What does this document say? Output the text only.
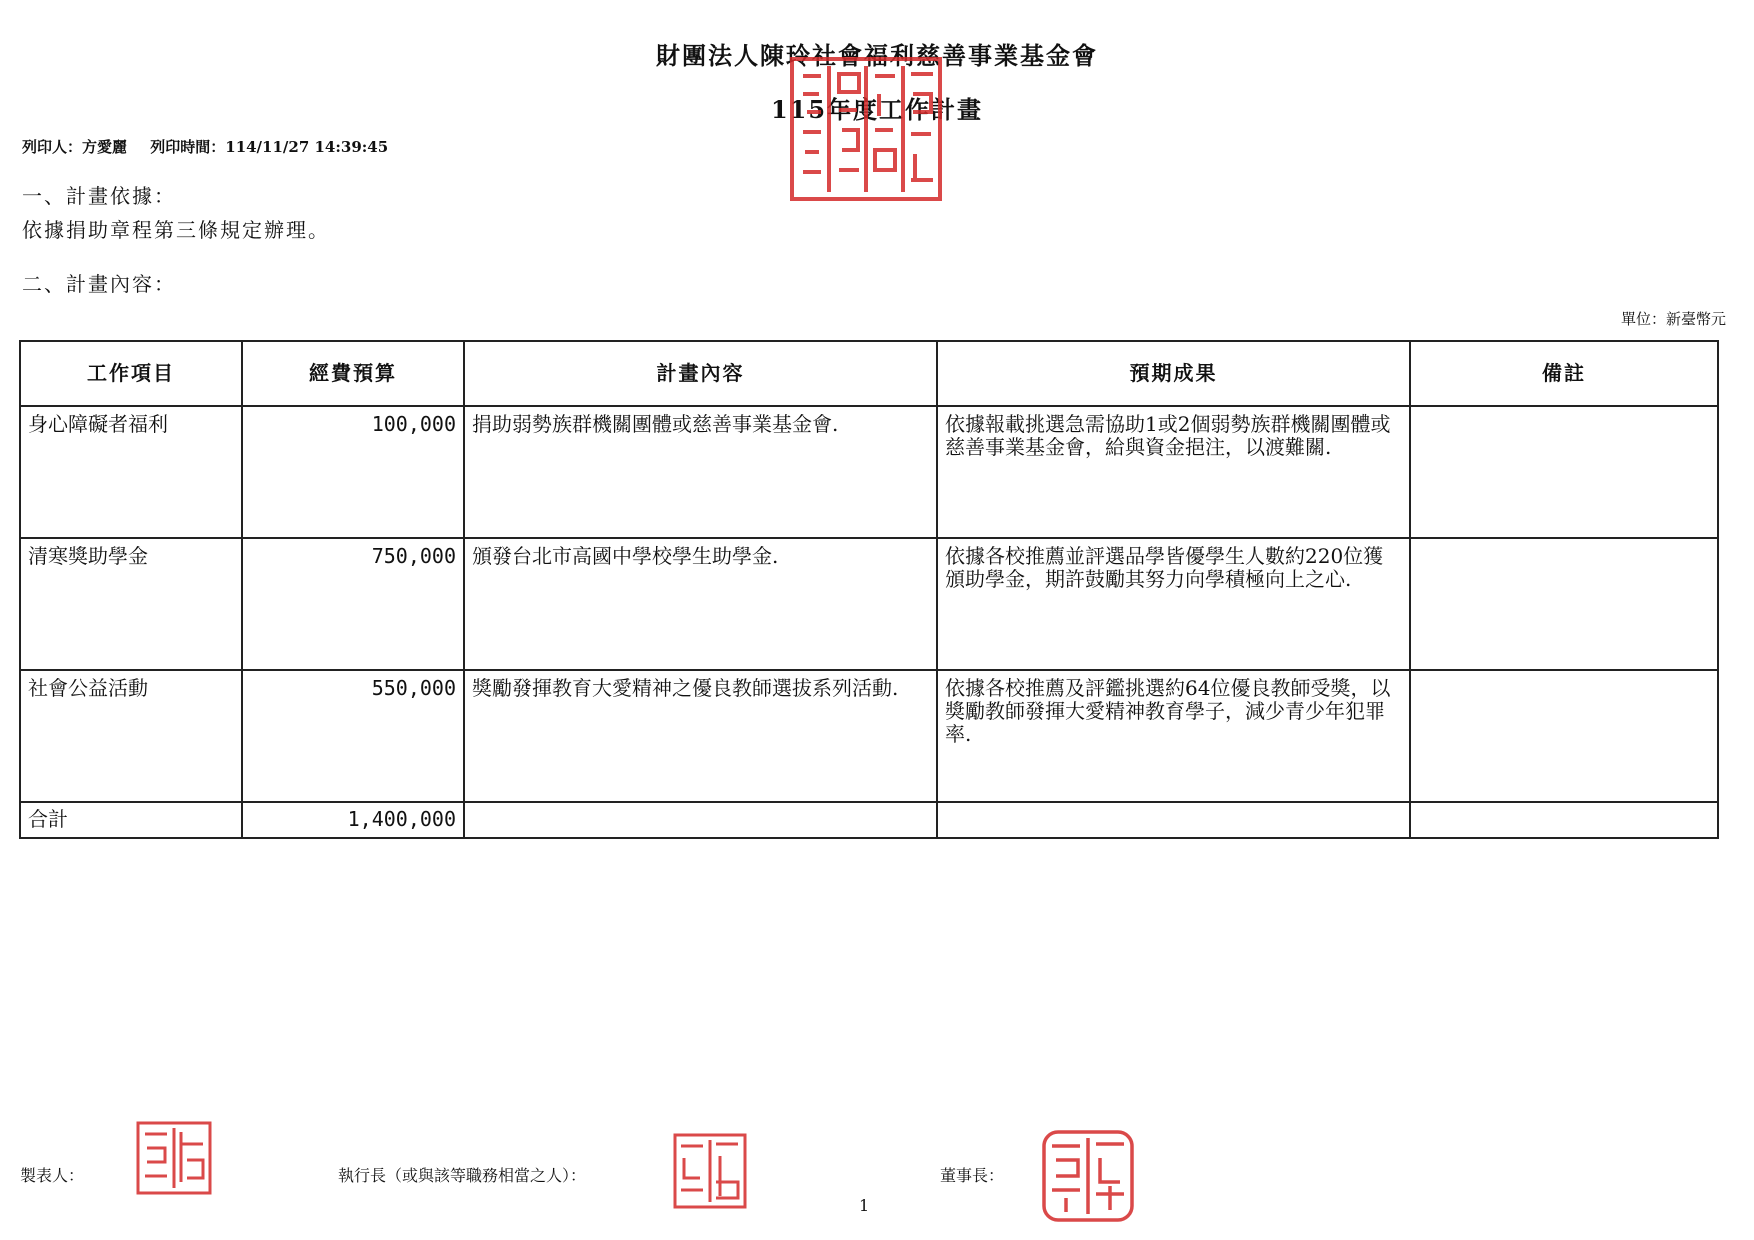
財團法人陳玲社會福利慈善事業基金會
115年度工作計畫
列印人：方愛麗 列印時間：114/11/27 14:39:45
一、計畫依據：
依據捐助章程第三條規定辦理。
二、計畫內容：
單位：新臺幣元
工作項目	經費預算	計畫內容	預期成果	備註
身心障礙者福利	100,000	捐助弱勢族群機關團體或慈善事業基金會.	依據報載挑選急需協助1或2個弱勢族群機關團體或慈善事業基金會，給與資金挹注，以渡難關.	
清寒獎助學金	750,000	頒發台北市高國中學校學生助學金.	依據各校推薦並評選品學皆優學生人數約220位獲頒助學金，期許鼓勵其努力向學積極向上之心.	
社會公益活動	550,000	獎勵發揮教育大愛精神之優良教師選拔系列活動.	依據各校推薦及評鑑挑選約64位優良教師受獎，以獎勵教師發揮大愛精神教育學子，減少青少年犯罪率.	
合計	1,400,000			
製表人：	執行長（或與該等職務相當之人）：	董事長：
1
